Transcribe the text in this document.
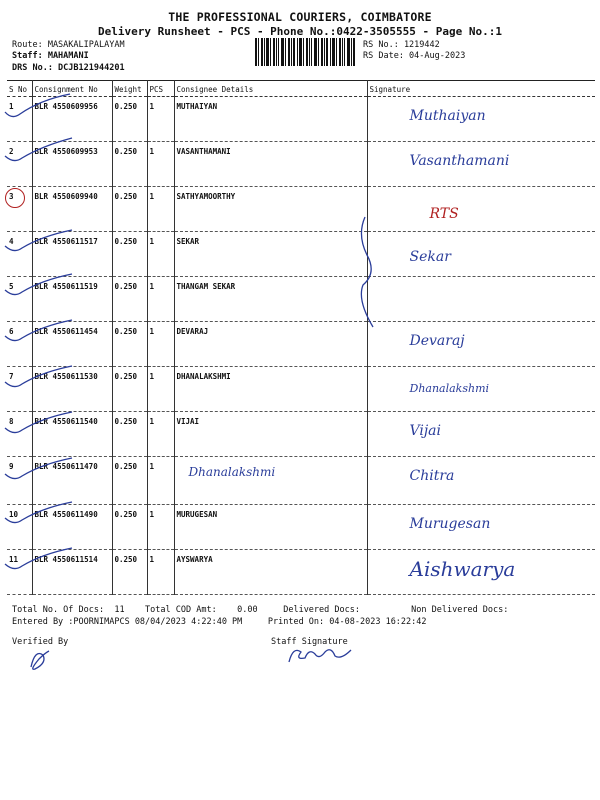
THE PROFESSIONAL COURIERS, COIMBATORE
Delivery Runsheet - PCS - Phone No.:0422-3505555 - Page No.:1
Route: MASAKALIPALAYAM
Staff: MAHAMANI
DRS No.: DCJB121944201
RS No.: 1219442
RS Date: 04-Aug-2023
S No	Consignment No	Weight	PCS	Consignee Details	Signature
1	BLR 4550609956	0.250	1	MUTHAIYAN	Muthaiyan

2	BLR 4550609953	0.250	1	VASANTHAMANI	Vasanthamani

3	BLR 4550609940	0.250	1	SATHYAMOORTHY	RTS

4	BLR 4550611517	0.250	1	SEKAR	Sekar

5	BLR 4550611519	0.250	1	THANGAM SEKAR	

6	BLR 4550611454	0.250	1	DEVARAJ	Devaraj

7	BLR 4550611530	0.250	1	DHANALAKSHMI	Dhanalakshmi

8	BLR 4550611540	0.250	1	VIJAI	Vijai

9	BLR 4550611470	0.250	1	Dhanalakshmi	Chitra

10	BLR 4550611490	0.250	1	MURUGESAN	Murugesan

11	BLR 4550611514	0.250	1	AYSWARYA	Aishwarya
Total No. Of Docs:  11    Total COD Amt:    0.00     Delivered Docs:          Non Delivered Docs:
Entered By :POORNIMAPCS 08/04/2023 4:22:40 PM     Printed On: 04-08-2023 16:22:42
Verified By	Staff Signature
